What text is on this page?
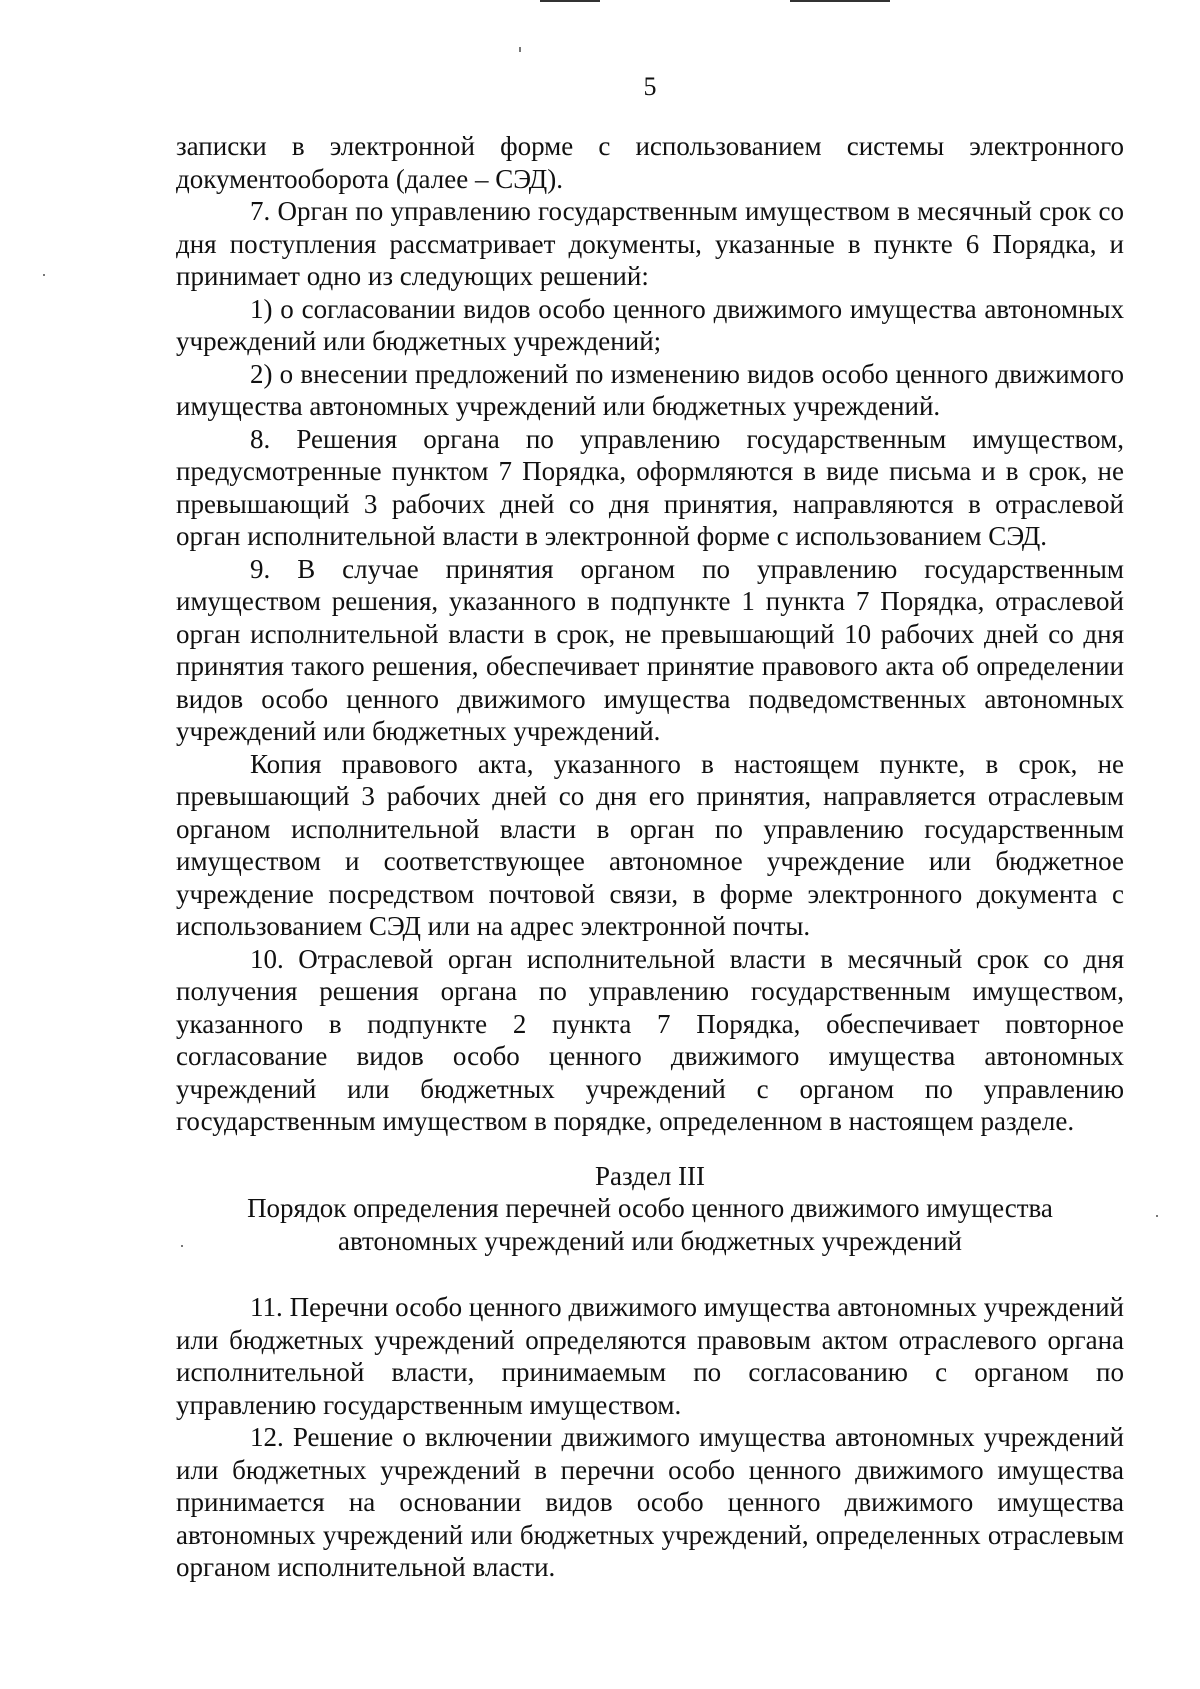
5

записки в электронной форме с использованием системы электронного документооборота (далее – СЭД).

7. Орган по управлению государственным имуществом в месячный срок со дня поступления рассматривает документы, указанные в пункте 6 Порядка, и принимает одно из следующих решений:

1) о согласовании видов особо ценного движимого имущества автономных учреждений или бюджетных учреждений;

2) о внесении предложений по изменению видов особо ценного движимого имущества автономных учреждений или бюджетных учреждений.

8. Решения органа по управлению государственным имуществом, предусмотренные пунктом 7 Порядка, оформляются в виде письма и в срок, не превышающий 3 рабочих дней со дня принятия, направляются в отраслевой орган исполнительной власти в электронной форме с использованием СЭД.

9. В случае принятия органом по управлению государственным имуществом решения, указанного в подпункте 1 пункта 7 Порядка, отраслевой орган исполнительной власти в срок, не превышающий 10 рабочих дней со дня принятия такого решения, обеспечивает принятие правового акта об определении видов особо ценного движимого имущества подведомственных автономных учреждений или бюджетных учреждений.

Копия правового акта, указанного в настоящем пункте, в срок, не превышающий 3 рабочих дней со дня его принятия, направляется отраслевым органом исполнительной власти в орган по управлению государственным имуществом и соответствующее автономное учреждение или бюджетное учреждение посредством почтовой связи, в форме электронного документа с использованием СЭД или на адрес электронной почты.

10. Отраслевой орган исполнительной власти в месячный срок со дня получения решения органа по управлению государственным имуществом, указанного в подпункте 2 пункта 7 Порядка, обеспечивает повторное согласование видов особо ценного движимого имущества автономных учреждений или бюджетных учреждений с органом по управлению государственным имуществом в порядке, определенном в настоящем разделе.

Раздел III
Порядок определения перечней особо ценного движимого имущества
автономных учреждений или бюджетных учреждений

11. Перечни особо ценного движимого имущества автономных учреждений или бюджетных учреждений определяются правовым актом отраслевого органа исполнительной власти, принимаемым по согласованию с органом по управлению государственным имуществом.

12. Решение о включении движимого имущества автономных учреждений или бюджетных учреждений в перечни особо ценного движимого имущества принимается на основании видов особо ценного движимого имущества автономных учреждений или бюджетных учреждений, определенных отраслевым органом исполнительной власти.
